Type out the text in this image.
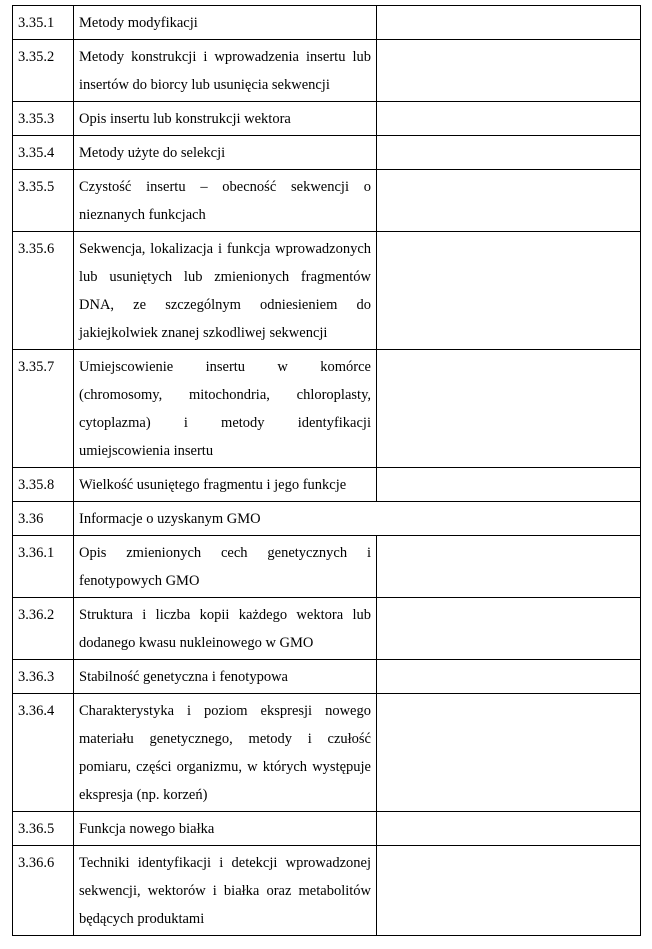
3.35.1	Metody modyfikacji	
3.35.2	Metody konstrukcji i wprowadzenia insertu lub insertów do biorcy lub usunięcia sekwencji	
3.35.3	Opis insertu lub konstrukcji wektora	
3.35.4	Metody użyte do selekcji	
3.35.5	Czystość insertu – obecność sekwencji o nieznanych funkcjach	
3.35.6	Sekwencja, lokalizacja i funkcja wprowadzonych lub usuniętych lub zmienionych fragmentów DNA, ze szczególnym odniesieniem do jakiejkolwiek znanej szkodliwej sekwencji	
3.35.7	Umiejscowienie insertu w komórce (chromosomy, mitochondria, chloroplasty, cytoplazma) i metody identyfikacji umiejscowienia insertu	
3.35.8	Wielkość usuniętego fragmentu i jego funkcje	
3.36	Informacje o uzyskanym GMO	
3.36.1	Opis zmienionych cech genetycznych i fenotypowych GMO	
3.36.2	Struktura i liczba kopii każdego wektora lub dodanego kwasu nukleinowego w GMO	
3.36.3	Stabilność genetyczna i fenotypowa	
3.36.4	Charakterystyka i poziom ekspresji nowego materiału genetycznego, metody i czułość pomiaru, części organizmu, w których występuje ekspresja (np. korzeń)	
3.36.5	Funkcja nowego białka	
3.36.6	Techniki identyfikacji i detekcji wprowadzonej sekwencji, wektorów i białka oraz metabolitów będących produktami	
